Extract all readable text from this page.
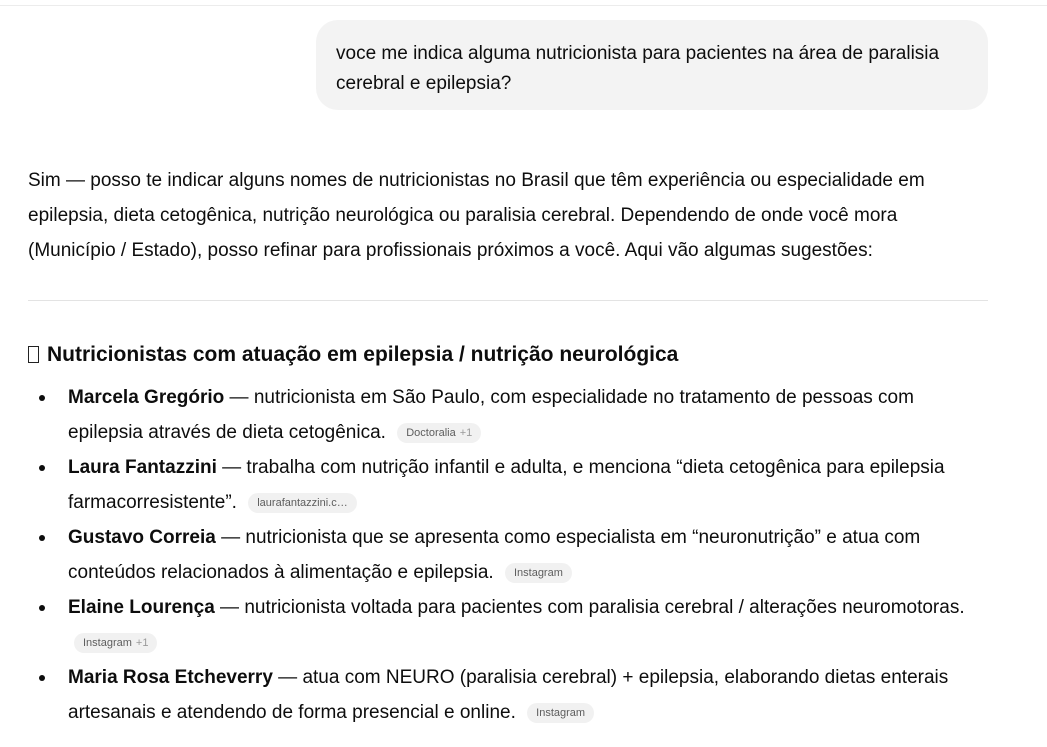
voce me indica alguma nutricionista para pacientes na área de paralisia cerebral e epilepsia?
Sim — posso te indicar alguns nomes de nutricionistas no Brasil que têm experiência ou especialidade em epilepsia, dieta cetogênica, nutrição neurológica ou paralisia cerebral. Dependendo de onde você mora (Município / Estado), posso refinar para profissionais próximos a você. Aqui vão algumas sugestões:
Nutricionistas com atuação em epilepsia / nutrição neurológica
Marcela Gregório — nutricionista em São Paulo, com especialidade no tratamento de pessoas com epilepsia através de dieta cetogênica. Doctoralia +1
Laura Fantazzini — trabalha com nutrição infantil e adulta, e menciona “dieta cetogênica para epilepsia farmacorresistente”. laurafantazzini.c…
Gustavo Correia — nutricionista que se apresenta como especialista em “neuronutrição” e atua com conteúdos relacionados à alimentação e epilepsia. Instagram
Elaine Lourença — nutricionista voltada para pacientes com paralisia cerebral / alterações neuromotoras. Instagram +1
Maria Rosa Etcheverry — atua com NEURO (paralisia cerebral) + epilepsia, elaborando dietas enterais artesanais e atendendo de forma presencial e online. Instagram
